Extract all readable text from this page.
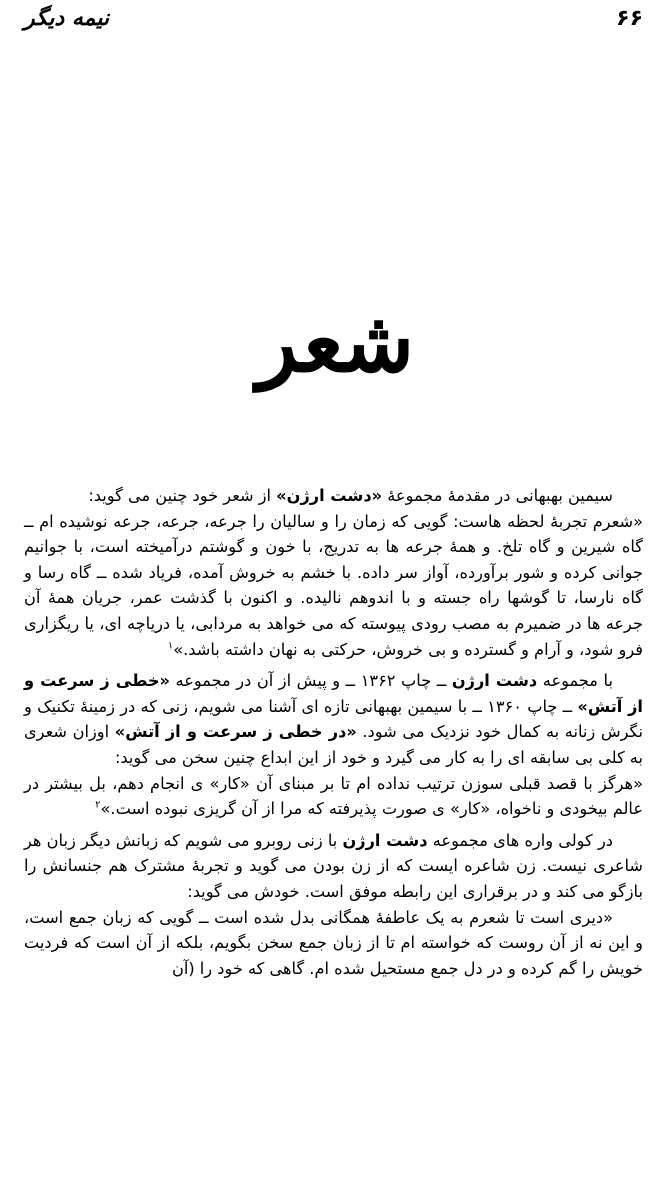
۶۶
نیمه دیگر
شعر

سیمین بهبهانی در مقدمهٔ مجموعهٔ «دشت ارژن» از شعر خود چنین می گوید:

«شعرم تجربهٔ لحظه هاست: گویی که زمان را و سالیان را جرعه، جرعه، جرعه نوشیده ام ــ گاه شیرین و گاه تلخ. و همهٔ جرعه ها به تدریج، با خون و گوشتم درآمیخته است، با جوانیم جوانی کرده و شور برآورده، آواز سر داده. با خشم به خروش آمده، فریاد شده ــ گاه رسا و گاه نارسا، تا گوشها راه جسته و با اندوهم نالیده. و اکنون با گذشت عمر، جریان همهٔ آن جرعه ها در ضمیرم به مصب رودی پیوسته که می خواهد به مردابی، یا دریاچه ای، یا ریگزاری فرو شود، و آرام و گسترده و بی خروش، حرکتی به نهان داشته باشد.»$^۱$

با مجموعه دشت ارژن ــ چاپ ۱۳۶۲ ــ و پیش از آن در مجموعه «خطی ز سرعت و از آتش» ــ چاپ ۱۳۶۰ ــ با سیمین بهبهانی تازه ای آشنا می شویم، زنی که در زمینهٔ تکنیک و نگرش زنانه به کمال خود نزدیک می شود. «در خطی ز سرعت و از آتش» اوزان شعری به کلی بی سابقه ای را به کار می گیرد و خود از این ابداع چنین سخن می گوید:

«هرگز با قصد قبلی سوزن ترتیب نداده ام تا بر مبنای آن «کار» ی انجام دهم، بل بیشتر در عالم بیخودی و ناخواه، «کار» ی صورت پذیرفته که مرا از آن گریزی نبوده است.»$^۲$

در کولی واره های مجموعه دشت ارژن با زنی روبرو می شویم که زبانش دیگر زبان هر شاعری نیست. زن شاعره ایست که از زن بودن می گوید و تجربهٔ مشترک هم جنسانش را بازگو می کند و در برقراری این رابطه موفق است. خودش می گوید:

«دیری است تا شعرم به یک عاطفهٔ همگانی بدل شده است ــ گویی که زبان جمع است، و این نه از آن روست که خواسته ام تا از زبان جمع سخن بگویم، بلکه از آن است که فردیت خویش را گم کرده و در دل جمع مستحیل شده ام. گاهی که خود را (آن
